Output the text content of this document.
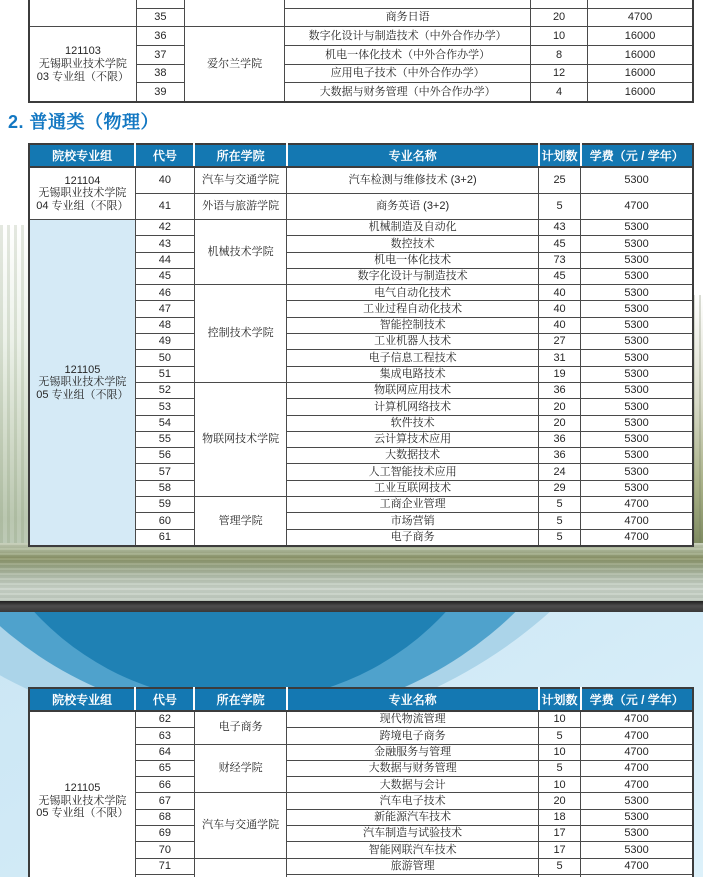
	35		商务日语	20	4700

121103
无锡职业技术学院
03 专业组（不限）	36	爱尔兰学院	数字化设计与制造技术（中外合作办学）	10	16000
	37		机电一体化技术（中外合作办学）	8	16000
	38		应用电子技术（中外合作办学）	12	16000
	39		大数据与财务管理（中外合作办学）	4	16000
2. 普通类（物理）
院校专业组	代号	所在学院	专业名称	计划数	学费（元 / 学年）

121104
无锡职业技术学院
04 专业组（不限）	40	汽车与交通学院	汽车检测与维修技术 (3+2)	25	5300
	41	外语与旅游学院	商务英语 (3+2)	5	4700

121105
无锡职业技术学院
05 专业组（不限）	42	机械技术学院	机械制造及自动化	43	5300
	43		数控技术	45	5300
	44		机电一体化技术	73	5300
	45		数字化设计与制造技术	45	5300
	46	控制技术学院	电气自动化技术	40	5300
	47		工业过程自动化技术	40	5300
	48		智能控制技术	40	5300
	49		工业机器人技术	27	5300
	50		电子信息工程技术	31	5300
	51		集成电路技术	19	5300
	52	物联网技术学院	物联网应用技术	36	5300
	53		计算机网络技术	20	5300
	54		软件技术	20	5300
	55		云计算技术应用	36	5300
	56		大数据技术	36	5300
	57		人工智能技术应用	24	5300
	58		工业互联网技术	29	5300
	59	管理学院	工商企业管理	5	4700
	60		市场营销	5	4700
	61		电子商务	5	4700
院校专业组	代号	所在学院	专业名称	计划数	学费（元 / 学年）

121105
无锡职业技术学院
05 专业组（不限）	62	电子商务	现代物流管理	10	4700
	63		跨境电子商务	5	4700
	64	财经学院	金融服务与管理	10	4700
	65		大数据与财务管理	5	4700
	66		大数据与会计	10	4700
	67	汽车与交通学院	汽车电子技术	20	5300
	68		新能源汽车技术	18	5300
	69		汽车制造与试验技术	17	5300
	70		智能网联汽车技术	17	5300
	71		旅游管理	5	4700
